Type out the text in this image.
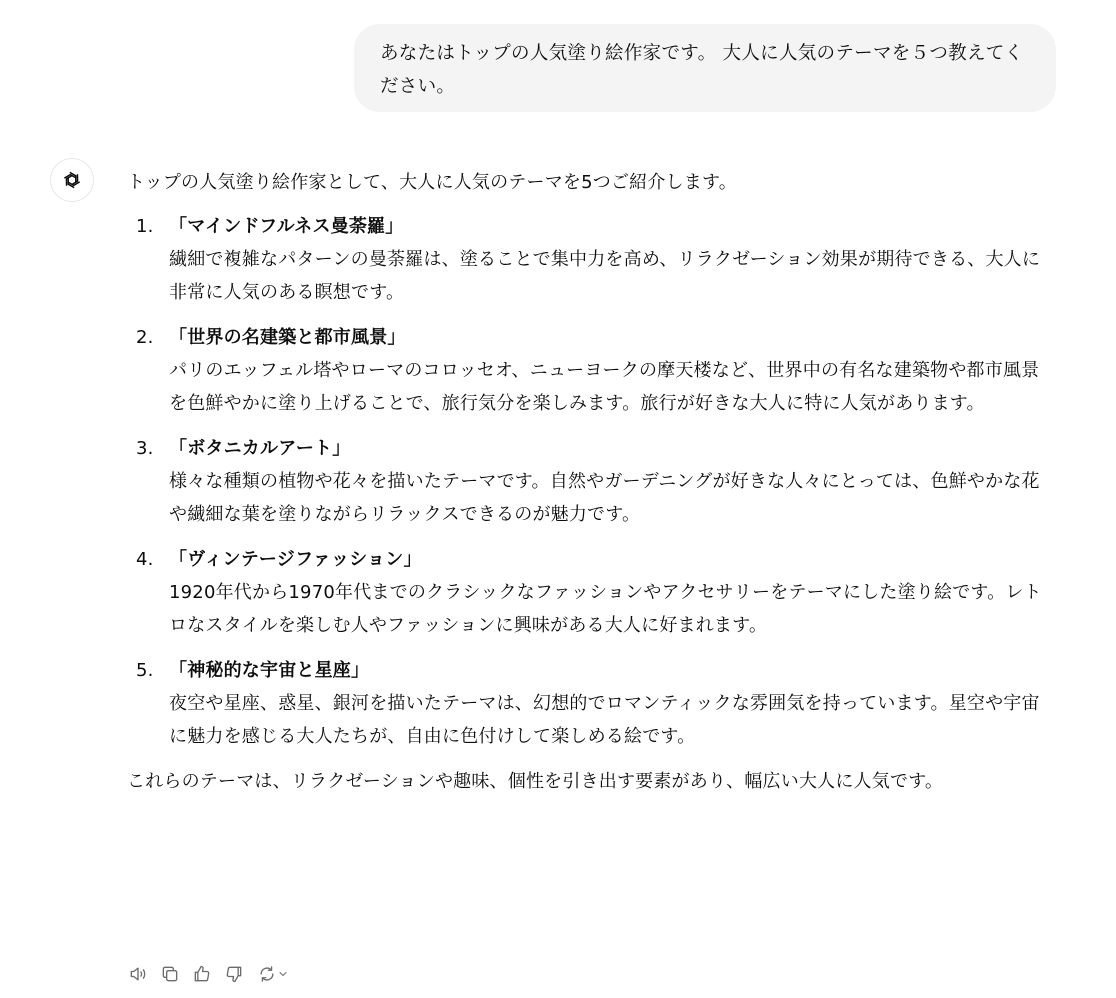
あなたはトップの人気塗り絵作家です。 大人に人気のテーマを５つ教えてください。

トップの人気塗り絵作家として、大人に人気のテーマを5つご紹介します。

1. 「マインドフルネス曼荼羅」
繊細で複雑なパターンの曼荼羅は、塗ることで集中力を高め、リラクゼーション効果が期待できる、大人に非常に人気のある瞑想です。
2. 「世界の名建築と都市風景」
パリのエッフェル塔やローマのコロッセオ、ニューヨークの摩天楼など、世界中の有名な建築物や都市風景を色鮮やかに塗り上げることで、旅行気分を楽しみます。旅行が好きな大人に特に人気があります。
3. 「ボタニカルアート」
様々な種類の植物や花々を描いたテーマです。自然やガーデニングが好きな人々にとっては、色鮮やかな花や繊細な葉を塗りながらリラックスできるのが魅力です。
4. 「ヴィンテージファッション」
1920年代から1970年代までのクラシックなファッションやアクセサリーをテーマにした塗り絵です。レトロなスタイルを楽しむ人やファッションに興味がある大人に好まれます。
5. 「神秘的な宇宙と星座」
夜空や星座、惑星、銀河を描いたテーマは、幻想的でロマンティックな雰囲気を持っています。星空や宇宙に魅力を感じる大人たちが、自由に色付けして楽しめる絵です。

これらのテーマは、リラクゼーションや趣味、個性を引き出す要素があり、幅広い大人に人気です。
